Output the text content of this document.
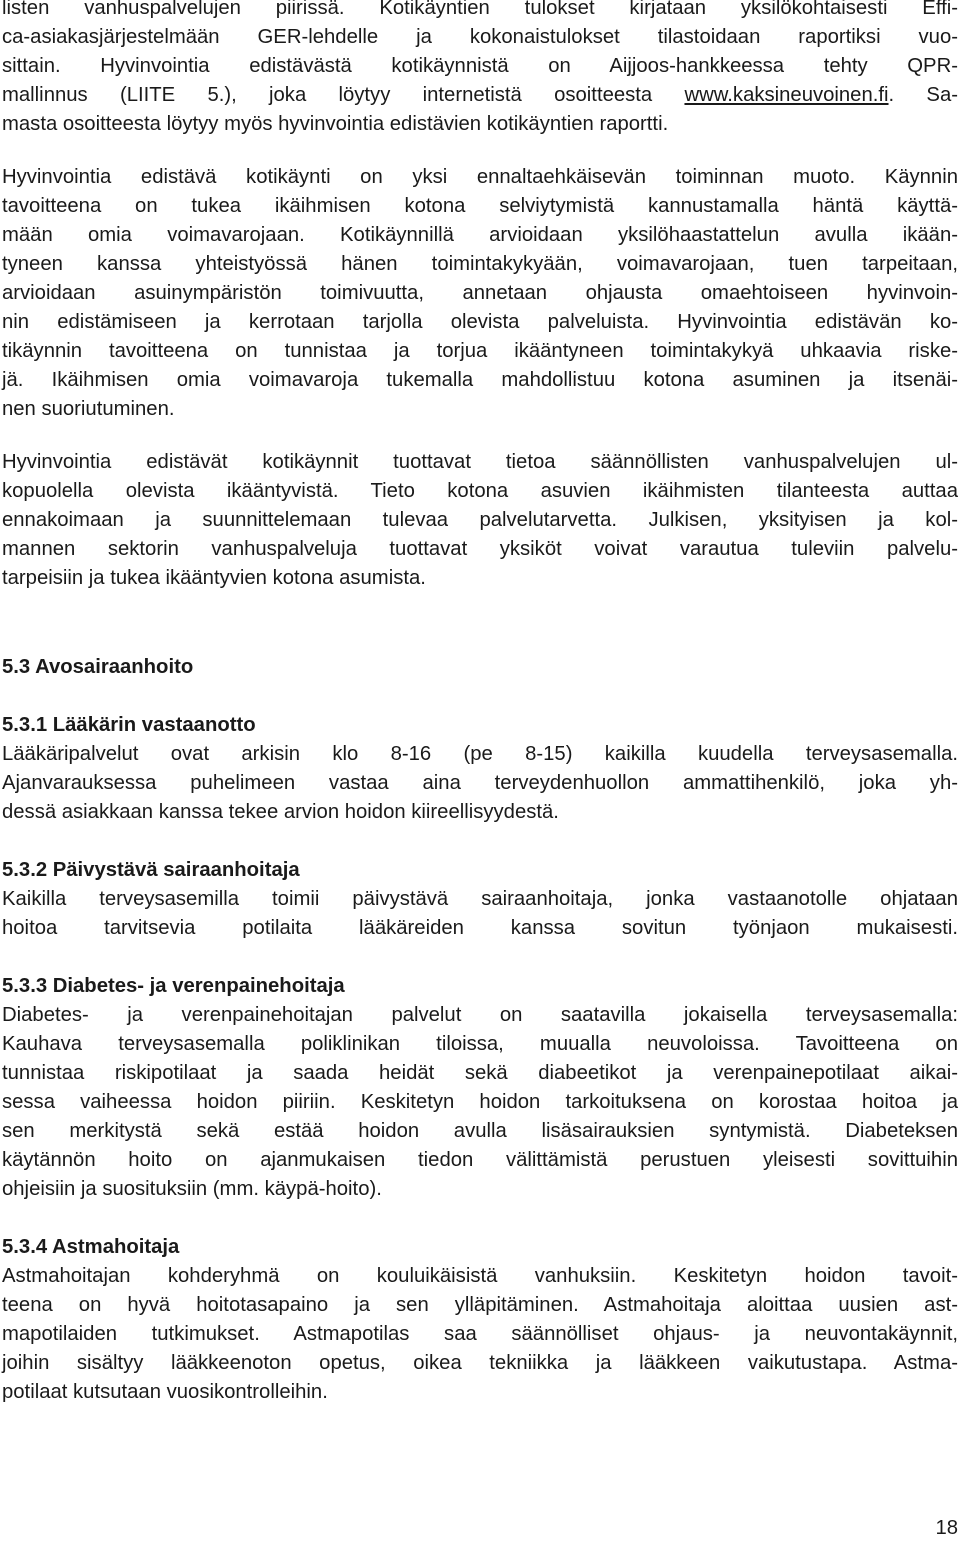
listen vanhuspalvelujen piirissä. Kotikäyntien tulokset kirjataan yksilökohtaisesti Effi-
ca-asiakasjärjestelmään GER-lehdelle ja kokonaistulokset tilastoidaan raportiksi vuo-
sittain. Hyvinvointia edistävästä kotikäynnistä on Aijjoos-hankkeessa tehty QPR-
mallinnus (LIITE 5.), joka löytyy internetistä osoitteesta www.kaksineuvoinen.fi. Sa-
masta osoitteesta löytyy myös hyvinvointia edistävien kotikäyntien raportti.
Hyvinvointia edistävä kotikäynti on yksi ennaltaehkäisevän toiminnan muoto. Käynnin
tavoitteena on tukea ikäihmisen kotona selviytymistä kannustamalla häntä käyttä-
mään omia voimavarojaan. Kotikäynnillä arvioidaan yksilöhaastattelun avulla ikään-
tyneen kanssa yhteistyössä hänen toimintakykyään, voimavarojaan, tuen tarpeitaan,
arvioidaan asuinympäristön toimivuutta, annetaan ohjausta omaehtoiseen hyvinvoin-
nin edistämiseen ja kerrotaan tarjolla olevista palveluista. Hyvinvointia edistävän ko-
tikäynnin tavoitteena on tunnistaa ja torjua ikääntyneen toimintakykyä uhkaavia riske-
jä. Ikäihmisen omia voimavaroja tukemalla mahdollistuu kotona asuminen ja itsenäi-
nen suoriutuminen.
Hyvinvointia edistävät kotikäynnit tuottavat tietoa säännöllisten vanhuspalvelujen ul-
kopuolella olevista ikääntyvistä. Tieto kotona asuvien ikäihmisten tilanteesta auttaa
ennakoimaan ja suunnittelemaan tulevaa palvelutarvetta. Julkisen, yksityisen ja kol-
mannen sektorin vanhuspalveluja tuottavat yksiköt voivat varautua tuleviin palvelu-
tarpeisiin ja tukea ikääntyvien kotona asumista.
5.3 Avosairaanhoito
5.3.1 Lääkärin vastaanotto
Lääkäripalvelut ovat arkisin klo 8-16 (pe 8-15) kaikilla kuudella terveysasemalla.
Ajanvarauksessa puhelimeen vastaa aina terveydenhuollon ammattihenkilö, joka yh-
dessä asiakkaan kanssa tekee arvion hoidon kiireellisyydestä.
5.3.2 Päivystävä sairaanhoitaja
Kaikilla terveysasemilla toimii päivystävä sairaanhoitaja, jonka vastaanotolle ohjataan
hoitoa tarvitsevia potilaita lääkäreiden kanssa sovitun työnjaon mukaisesti.
5.3.3 Diabetes- ja verenpainehoitaja
Diabetes- ja verenpainehoitajan palvelut on saatavilla jokaisella terveysasemalla:
Kauhava terveysasemalla poliklinikan tiloissa, muualla neuvoloissa. Tavoitteena on
tunnistaa riskipotilaat ja saada heidät sekä diabeetikot ja verenpainepotilaat aikai-
sessa vaiheessa hoidon piiriin. Keskitetyn hoidon tarkoituksena on korostaa hoitoa ja
sen merkitystä sekä estää hoidon avulla lisäsairauksien syntymistä. Diabeteksen
käytännön hoito on ajanmukaisen tiedon välittämistä perustuen yleisesti sovittuihin
ohjeisiin ja suosituksiin (mm. käypä-hoito).
5.3.4 Astmahoitaja
Astmahoitajan kohderyhmä on kouluikäisistä vanhuksiin. Keskitetyn hoidon tavoit-
teena on hyvä hoitotasapaino ja sen ylläpitäminen. Astmahoitaja aloittaa uusien ast-
mapotilaiden tutkimukset. Astmapotilas saa säännölliset ohjaus- ja neuvontakäynnit,
joihin sisältyy lääkkeenoton opetus, oikea tekniikka ja lääkkeen vaikutustapa. Astma-
potilaat kutsutaan vuosikontrolleihin.
18
